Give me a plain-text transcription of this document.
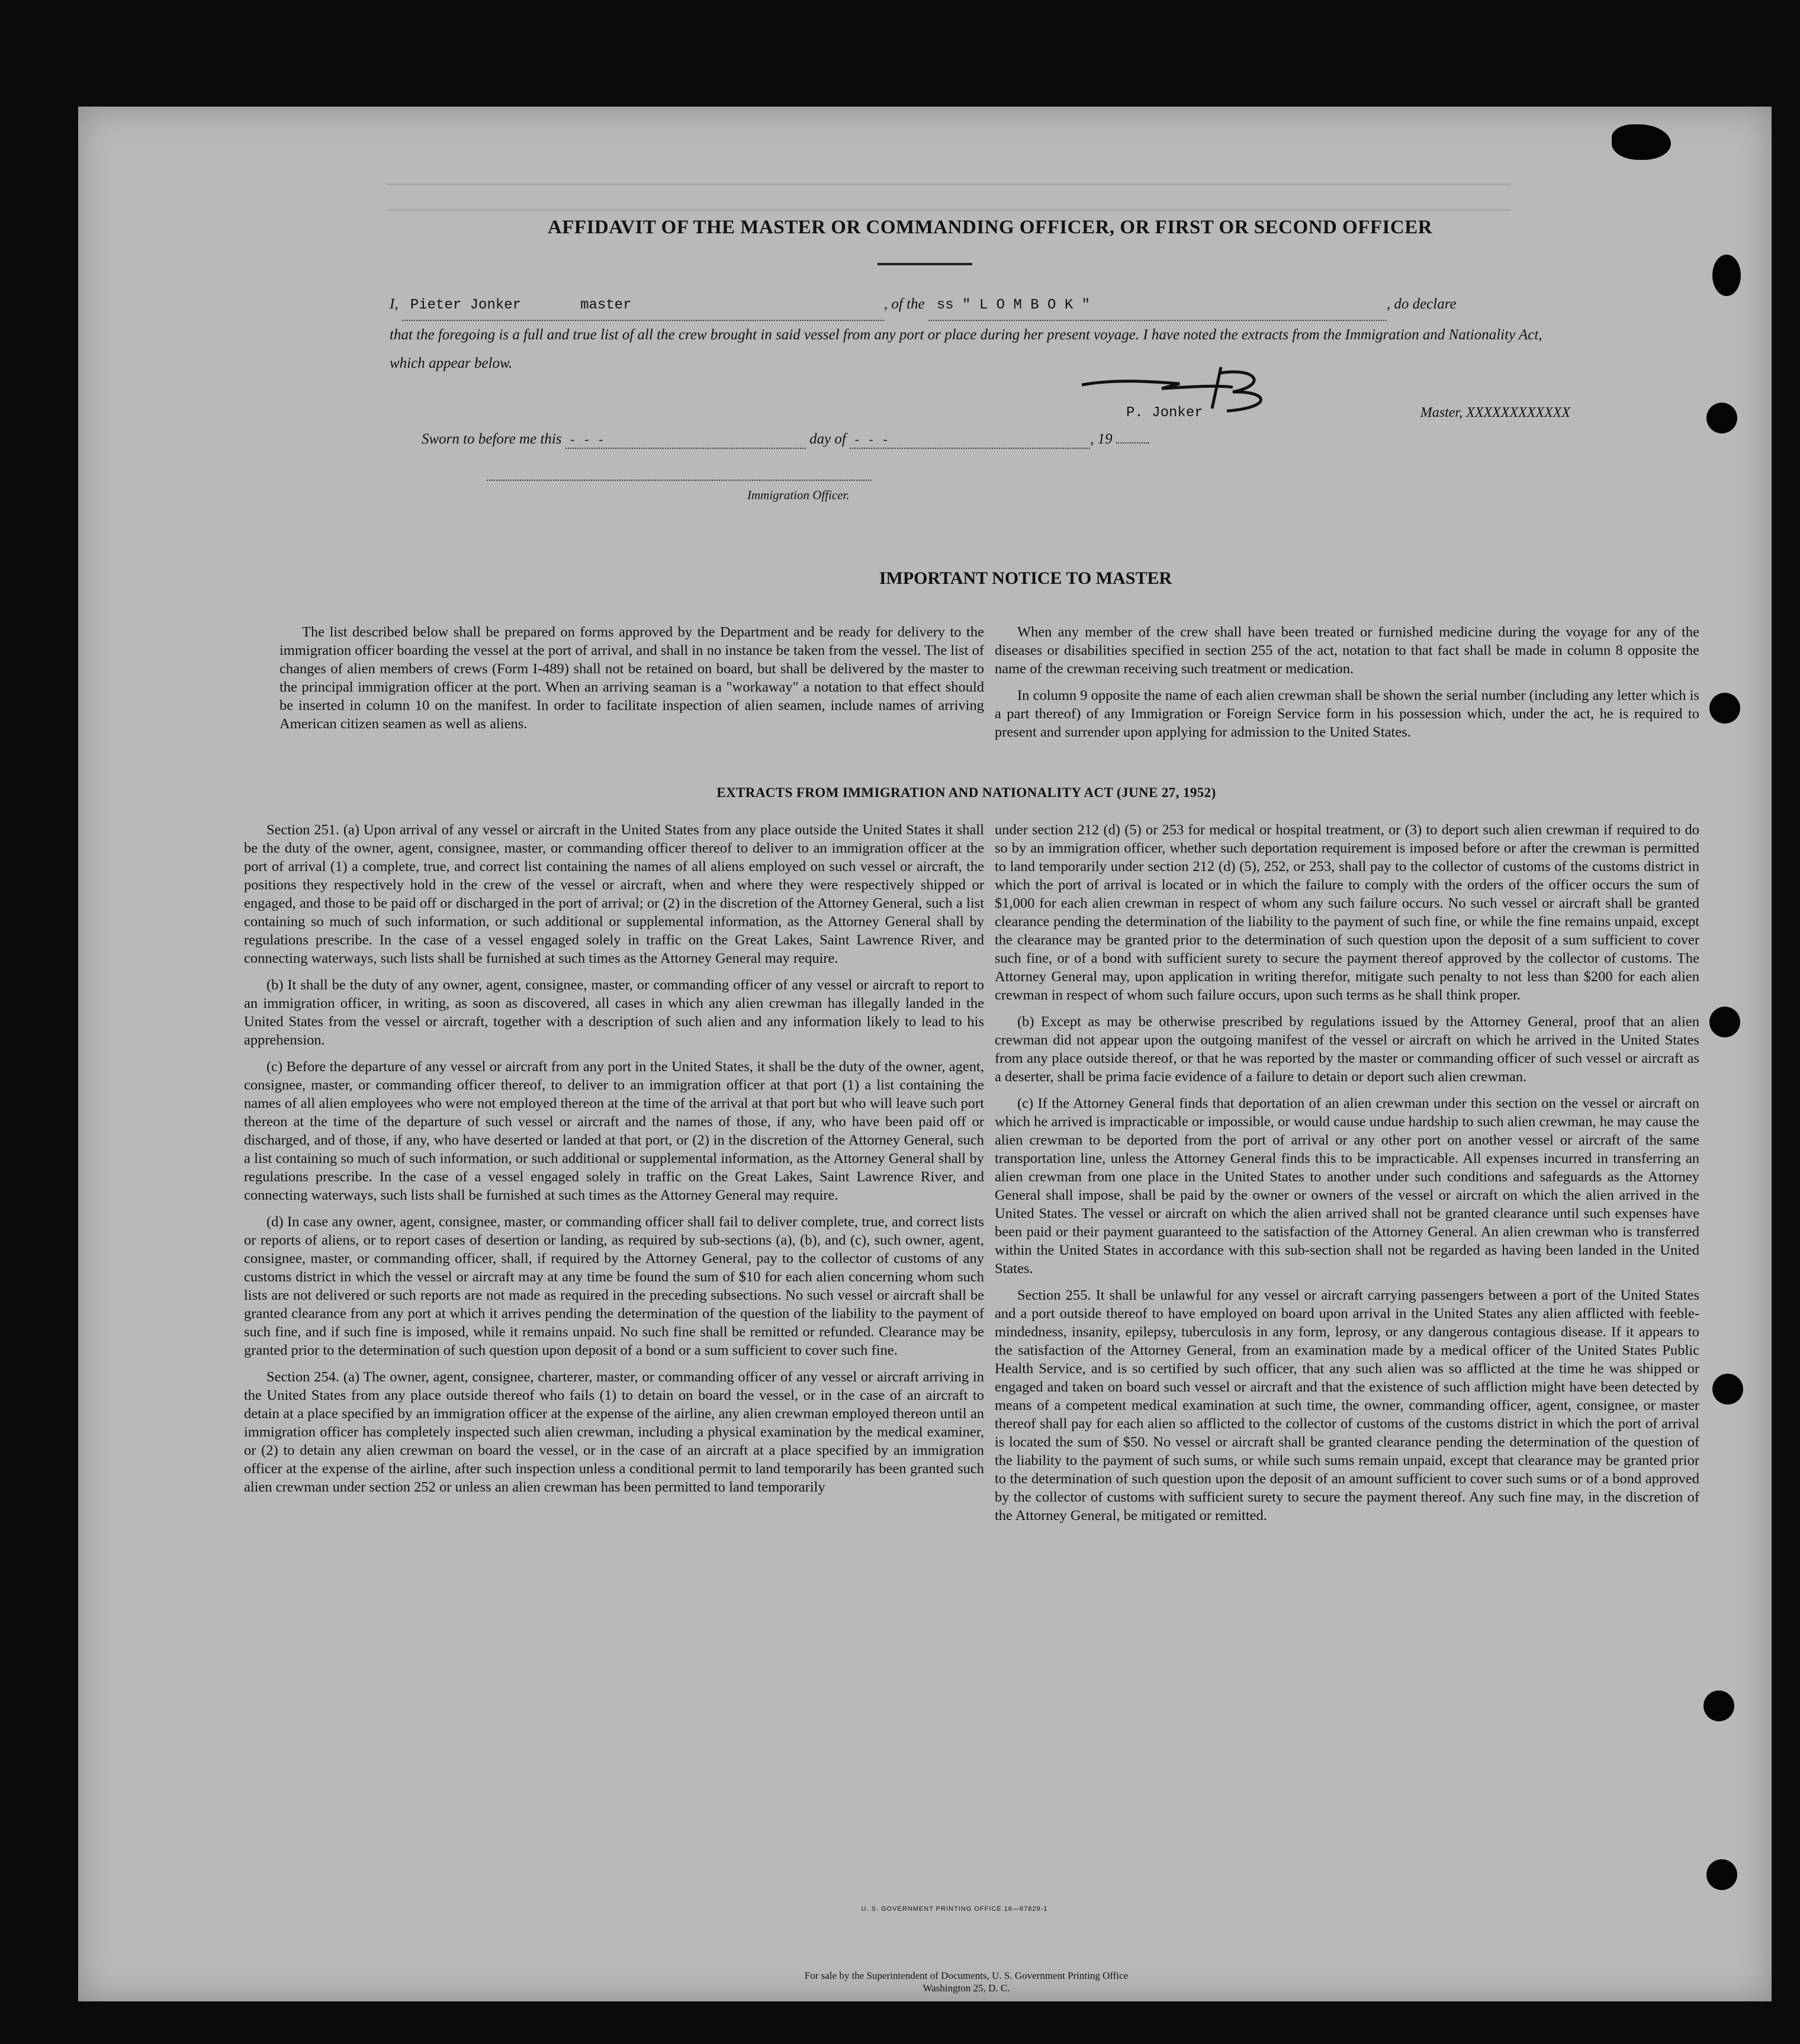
AFFIDAVIT OF THE MASTER OR COMMANDING OFFICER, OR FIRST OR SECOND OFFICER
I, Pieter Jonker	master	, of the ss " L O M B O K "	, do declare
that the foregoing is a full and true list of all the crew brought in said vessel from any port or place during her present voyage. I have noted the extracts from the Immigration and Nationality Act, which appear below.
P. Jonker	Master, XXXXXXXXXXXX
Sworn to before me this - - -	day of - - -	, 19
Immigration Officer.
IMPORTANT NOTICE TO MASTER

The list described below shall be prepared on forms approved by the Department and be ready for delivery to the immigration officer boarding the vessel at the port of arrival, and shall in no instance be taken from the vessel. The list of changes of alien members of crews (Form I-489) shall not be retained on board, but shall be delivered by the master to the principal immigration officer at the port. When an arriving seaman is a "workaway" a notation to that effect should be inserted in column 10 on the manifest. In order to facilitate inspection of alien seamen, include names of arriving American citizen seamen as well as aliens.

When any member of the crew shall have been treated or furnished medicine during the voyage for any of the diseases or disabilities specified in section 255 of the act, notation to that fact shall be made in column 8 opposite the name of the crewman receiving such treatment or medication.

In column 9 opposite the name of each alien crewman shall be shown the serial number (including any letter which is a part thereof) of any Immigration or Foreign Service form in his possession which, under the act, he is required to present and surrender upon applying for admission to the United States.

EXTRACTS FROM IMMIGRATION AND NATIONALITY ACT (JUNE 27, 1952)

Section 251. (a) Upon arrival of any vessel or aircraft in the United States from any place outside the United States it shall be the duty of the owner, agent, consignee, master, or commanding officer thereof to deliver to an immigration officer at the port of arrival (1) a complete, true, and correct list containing the names of all aliens employed on such vessel or aircraft, the positions they respectively hold in the crew of the vessel or aircraft, when and where they were respectively shipped or engaged, and those to be paid off or discharged in the port of arrival; or (2) in the discretion of the Attorney General, such a list containing so much of such information, or such additional or supplemental information, as the Attorney General shall by regulations prescribe. In the case of a vessel engaged solely in traffic on the Great Lakes, Saint Lawrence River, and connecting waterways, such lists shall be furnished at such times as the Attorney General may require.

(b) It shall be the duty of any owner, agent, consignee, master, or commanding officer of any vessel or aircraft to report to an immigration officer, in writing, as soon as discovered, all cases in which any alien crewman has illegally landed in the United States from the vessel or aircraft, together with a description of such alien and any information likely to lead to his apprehension.

(c) Before the departure of any vessel or aircraft from any port in the United States, it shall be the duty of the owner, agent, consignee, master, or commanding officer thereof, to deliver to an immigration officer at that port (1) a list containing the names of all alien employees who were not employed thereon at the time of the arrival at that port but who will leave such port thereon at the time of the departure of such vessel or aircraft and the names of those, if any, who have been paid off or discharged, and of those, if any, who have deserted or landed at that port, or (2) in the discretion of the Attorney General, such a list containing so much of such information, or such additional or supplemental information, as the Attorney General shall by regulations prescribe. In the case of a vessel engaged solely in traffic on the Great Lakes, Saint Lawrence River, and connecting waterways, such lists shall be furnished at such times as the Attorney General may require.

(d) In case any owner, agent, consignee, master, or commanding officer shall fail to deliver complete, true, and correct lists or reports of aliens, or to report cases of desertion or landing, as required by sub-sections (a), (b), and (c), such owner, agent, consignee, master, or commanding officer, shall, if required by the Attorney General, pay to the collector of customs of any customs district in which the vessel or aircraft may at any time be found the sum of $10 for each alien concerning whom such lists are not delivered or such reports are not made as required in the preceding subsections. No such vessel or aircraft shall be granted clearance from any port at which it arrives pending the determination of the question of the liability to the payment of such fine, and if such fine is imposed, while it remains unpaid. No such fine shall be remitted or refunded. Clearance may be granted prior to the determination of such question upon deposit of a bond or a sum sufficient to cover such fine.

Section 254. (a) The owner, agent, consignee, charterer, master, or commanding officer of any vessel or aircraft arriving in the United States from any place outside thereof who fails (1) to detain on board the vessel, or in the case of an aircraft to detain at a place specified by an immigration officer at the expense of the airline, any alien crewman employed thereon until an immigration officer has completely inspected such alien crewman, including a physical examination by the medical examiner, or (2) to detain any alien crewman on board the vessel, or in the case of an aircraft at a place specified by an immigration officer at the expense of the airline, after such inspection unless a conditional permit to land temporarily has been granted such alien crewman under section 252 or unless an alien crewman has been permitted to land temporarily

under section 212 (d) (5) or 253 for medical or hospital treatment, or (3) to deport such alien crewman if required to do so by an immigration officer, whether such deportation requirement is imposed before or after the crewman is permitted to land temporarily under section 212 (d) (5), 252, or 253, shall pay to the collector of customs of the customs district in which the port of arrival is located or in which the failure to comply with the orders of the officer occurs the sum of $1,000 for each alien crewman in respect of whom any such failure occurs. No such vessel or aircraft shall be granted clearance pending the determination of the liability to the payment of such fine, or while the fine remains unpaid, except the clearance may be granted prior to the determination of such question upon the deposit of a sum sufficient to cover such fine, or of a bond with sufficient surety to secure the payment thereof approved by the collector of customs. The Attorney General may, upon application in writing therefor, mitigate such penalty to not less than $200 for each alien crewman in respect of whom such failure occurs, upon such terms as he shall think proper.

(b) Except as may be otherwise prescribed by regulations issued by the Attorney General, proof that an alien crewman did not appear upon the outgoing manifest of the vessel or aircraft on which he arrived in the United States from any place outside thereof, or that he was reported by the master or commanding officer of such vessel or aircraft as a deserter, shall be prima facie evidence of a failure to detain or deport such alien crewman.

(c) If the Attorney General finds that deportation of an alien crewman under this section on the vessel or aircraft on which he arrived is impracticable or impossible, or would cause undue hardship to such alien crewman, he may cause the alien crewman to be deported from the port of arrival or any other port on another vessel or aircraft of the same transportation line, unless the Attorney General finds this to be impracticable. All expenses incurred in transferring an alien crewman from one place in the United States to another under such conditions and safeguards as the Attorney General shall impose, shall be paid by the owner or owners of the vessel or aircraft on which the alien arrived in the United States. The vessel or aircraft on which the alien arrived shall not be granted clearance until such expenses have been paid or their payment guaranteed to the satisfaction of the Attorney General. An alien crewman who is transferred within the United States in accordance with this sub-section shall not be regarded as having been landed in the United States.

Section 255. It shall be unlawful for any vessel or aircraft carrying passengers between a port of the United States and a port outside thereof to have employed on board upon arrival in the United States any alien afflicted with feeble-mindedness, insanity, epilepsy, tuberculosis in any form, leprosy, or any dangerous contagious disease. If it appears to the satisfaction of the Attorney General, from an examination made by a medical officer of the United States Public Health Service, and is so certified by such officer, that any such alien was so afflicted at the time he was shipped or engaged and taken on board such vessel or aircraft and that the existence of such affliction might have been detected by means of a competent medical examination at such time, the owner, commanding officer, agent, consignee, or master thereof shall pay for each alien so afflicted to the collector of customs of the customs district in which the port of arrival is located the sum of $50. No vessel or aircraft shall be granted clearance pending the determination of the question of the liability to the payment of such sums, or while such sums remain unpaid, except that clearance may be granted prior to the determination of such question upon the deposit of an amount sufficient to cover such sums or of a bond approved by the collector of customs with sufficient surety to secure the payment thereof. Any such fine may, in the discretion of the Attorney General, be mitigated or remitted.

U. S. GOVERNMENT PRINTING OFFICE 16—67829-1
For sale by the Superintendent of Documents, U. S. Government Printing Office
Washington 25, D. C.
